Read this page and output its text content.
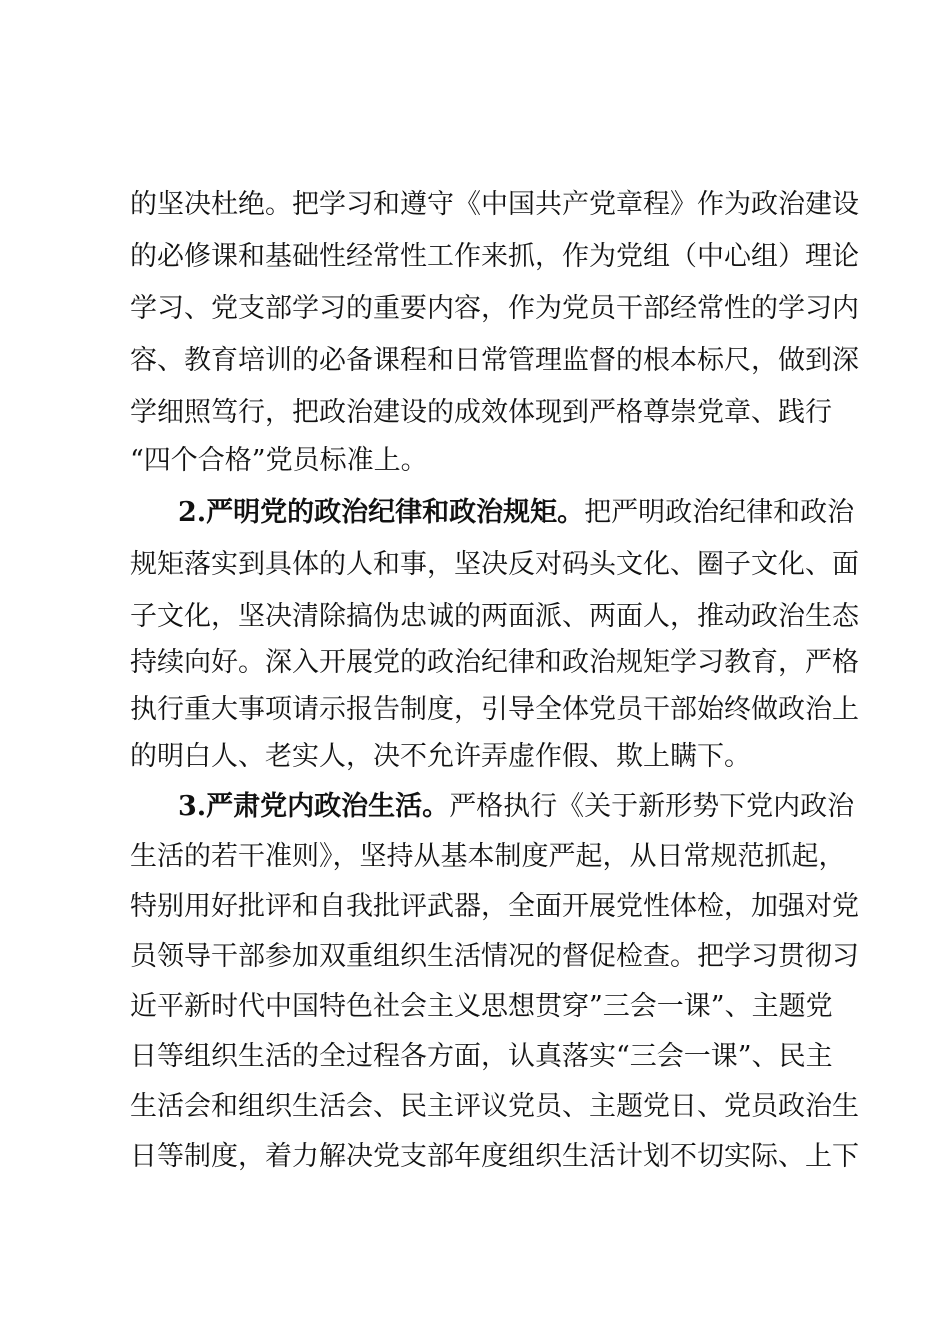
的坚决杜绝。把学习和遵守《中国共产党章程》作为政治建设
的必修课和基础性经常性工作来抓，作为党组（中心组）理论
学习、党支部学习的重要内容，作为党员干部经常性的学习内
容、教育培训的必备课程和日常管理监督的根本标尺，做到深
学细照笃行，把政治建设的成效体现到严格尊崇党章、践行
“四个合格”党员标准上。
2.严明党的政治纪律和政治规矩。把严明政治纪律和政治
规矩落实到具体的人和事，坚决反对码头文化、圈子文化、面
子文化，坚决清除搞伪忠诚的两面派、两面人，推动政治生态
持续向好。深入开展党的政治纪律和政治规矩学习教育，严格
执行重大事项请示报告制度，引导全体党员干部始终做政治上
的明白人、老实人，决不允许弄虚作假、欺上瞒下。
3.严肃党内政治生活。严格执行《关于新形势下党内政治
生活的若干准则》，坚持从基本制度严起，从日常规范抓起，
特别用好批评和自我批评武器，全面开展党性体检，加强对党
员领导干部参加双重组织生活情况的督促检查。把学习贯彻习
近平新时代中国特色社会主义思想贯穿”三会一课”、主题党
日等组织生活的全过程各方面，认真落实“三会一课”、民主
生活会和组织生活会、民主评议党员、主题党日、党员政治生
日等制度，着力解决党支部年度组织生活计划不切实际、上下
